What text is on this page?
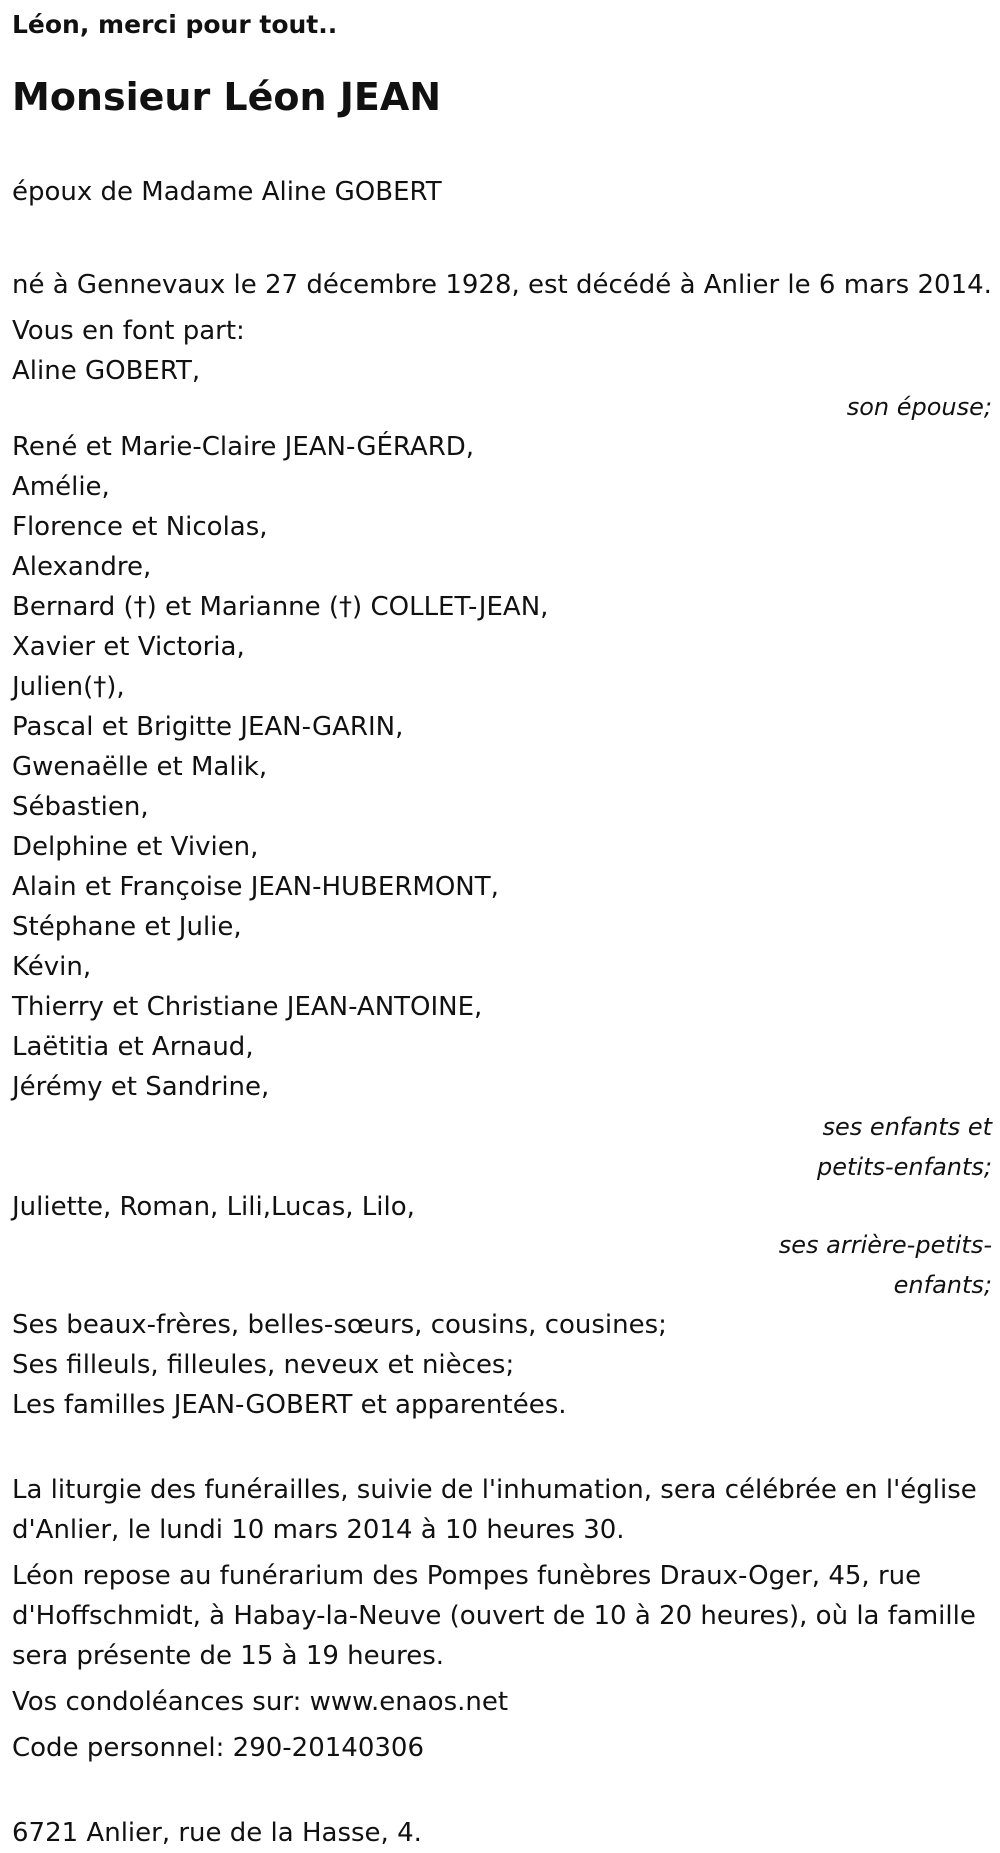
Léon, merci pour tout..

Monsieur Léon JEAN

époux de Madame Aline GOBERT

né à Gennevaux le 27 décembre 1928, est décédé à Anlier le 6 mars 2014.

Vous en font part:

Aline GOBERT,

son épouse;

René et Marie-Claire JEAN-GÉRARD,

Amélie,

Florence et Nicolas,

Alexandre,

Bernard (†) et Marianne (†) COLLET-JEAN,

Xavier et Victoria,

Julien(†),

Pascal et Brigitte JEAN-GARIN,

Gwenaëlle et Malik,

Sébastien,

Delphine et Vivien,

Alain et Françoise JEAN-HUBERMONT,

Stéphane et Julie,

Kévin,

Thierry et Christiane JEAN-ANTOINE,

Laëtitia et Arnaud,

Jérémy et Sandrine,

ses enfants et

petits-enfants;

Juliette, Roman, Lili,Lucas, Lilo,

ses arrière-petits-

enfants;

Ses beaux-frères, belles-sœurs, cousins, cousines;

Ses filleuls, filleules, neveux et nièces;

Les familles JEAN-GOBERT et apparentées.

La liturgie des funérailles, suivie de l'inhumation, sera célébrée en l'église d'Anlier, le lundi 10 mars 2014 à 10 heures 30.

Léon repose au funérarium des Pompes funèbres Draux-Oger, 45, rue d'Hoffschmidt, à Habay-la-Neuve (ouvert de 10 à 20 heures), où la famille sera présente de 15 à 19 heures.

Vos condoléances sur: www.enaos.net

Code personnel: 290-20140306

6721 Anlier, rue de la Hasse, 4.
